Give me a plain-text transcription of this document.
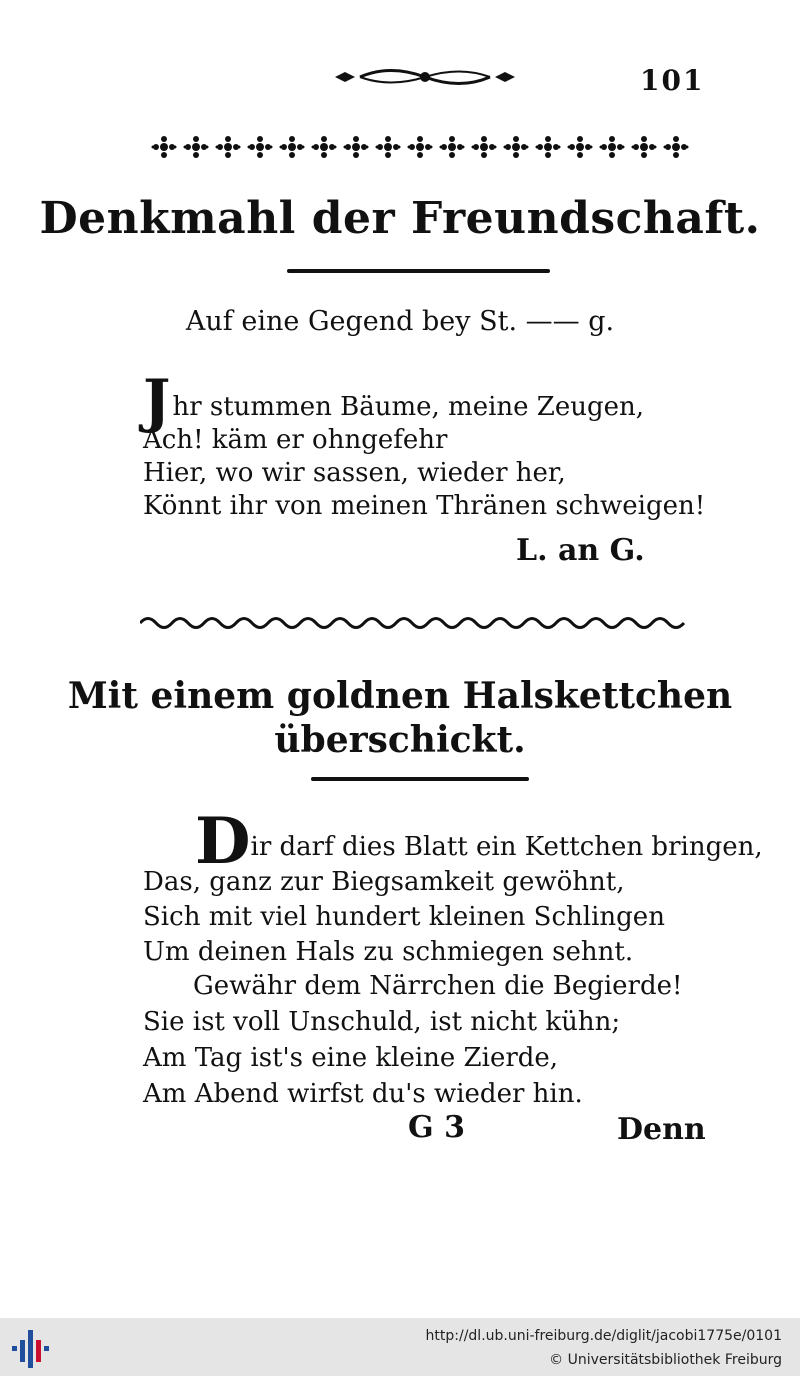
101
Denkmahl der Freundschaft.
Auf eine Gegend bey St. —— g.
Jhr stummen Bäume, meine Zeugen,
Ach! käm er ohngefehr
Hier, wo wir sassen, wieder her,
Könnt ihr von meinen Thränen schweigen!
L. an G.
Mit einem goldnen Halskettchen
überschickt.
Dir darf dies Blatt ein Kettchen bringen,
Das, ganz zur Biegsamkeit gewöhnt,
Sich mit viel hundert kleinen Schlingen
Um deinen Hals zu schmiegen sehnt.
Gewähr dem Närrchen die Begierde!
Sie ist voll Unschuld, ist nicht kühn;
Am Tag ist's eine kleine Zierde,
Am Abend wirfst du's wieder hin.
G 3	Denn
http://dl.ub.uni-freiburg.de/diglit/jacobi1775e/0101
© Universitätsbibliothek Freiburg
